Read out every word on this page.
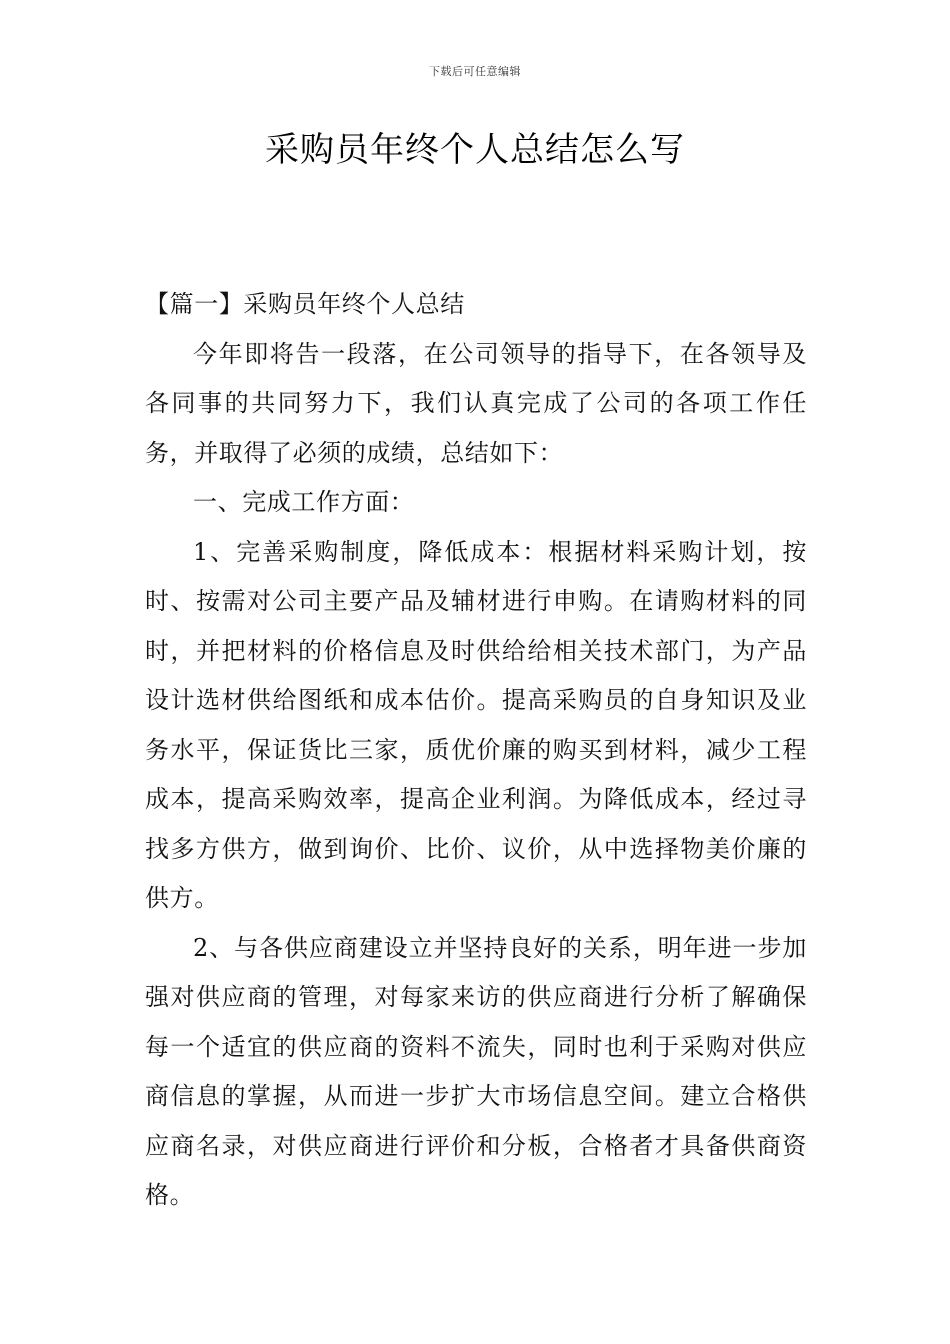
下载后可任意编辑
采购员年终个人总结怎么写

【篇一】采购员年终个人总结

今年即将告一段落，在公司领导的指导下，在各领导及各同事的共同努力下，我们认真完成了公司的各项工作任务，并取得了必须的成绩，总结如下：

一、完成工作方面：

1、完善采购制度，降低成本：根据材料采购计划，按时、按需对公司主要产品及辅材进行申购。在请购材料的同时，并把材料的价格信息及时供给给相关技术部门，为产品设计选材供给图纸和成本估价。提高采购员的自身知识及业务水平，保证货比三家，质优价廉的购买到材料，减少工程成本，提高采购效率，提高企业利润。为降低成本，经过寻找多方供方，做到询价、比价、议价，从中选择物美价廉的供方。

2、与各供应商建设立并坚持良好的关系，明年进一步加强对供应商的管理，对每家来访的供应商进行分析了解确保每一个适宜的供应商的资料不流失，同时也利于采购对供应商信息的掌握，从而进一步扩大市场信息空间。建立合格供应商名录，对供应商进行评价和分板，合格者才具备供商资格。
